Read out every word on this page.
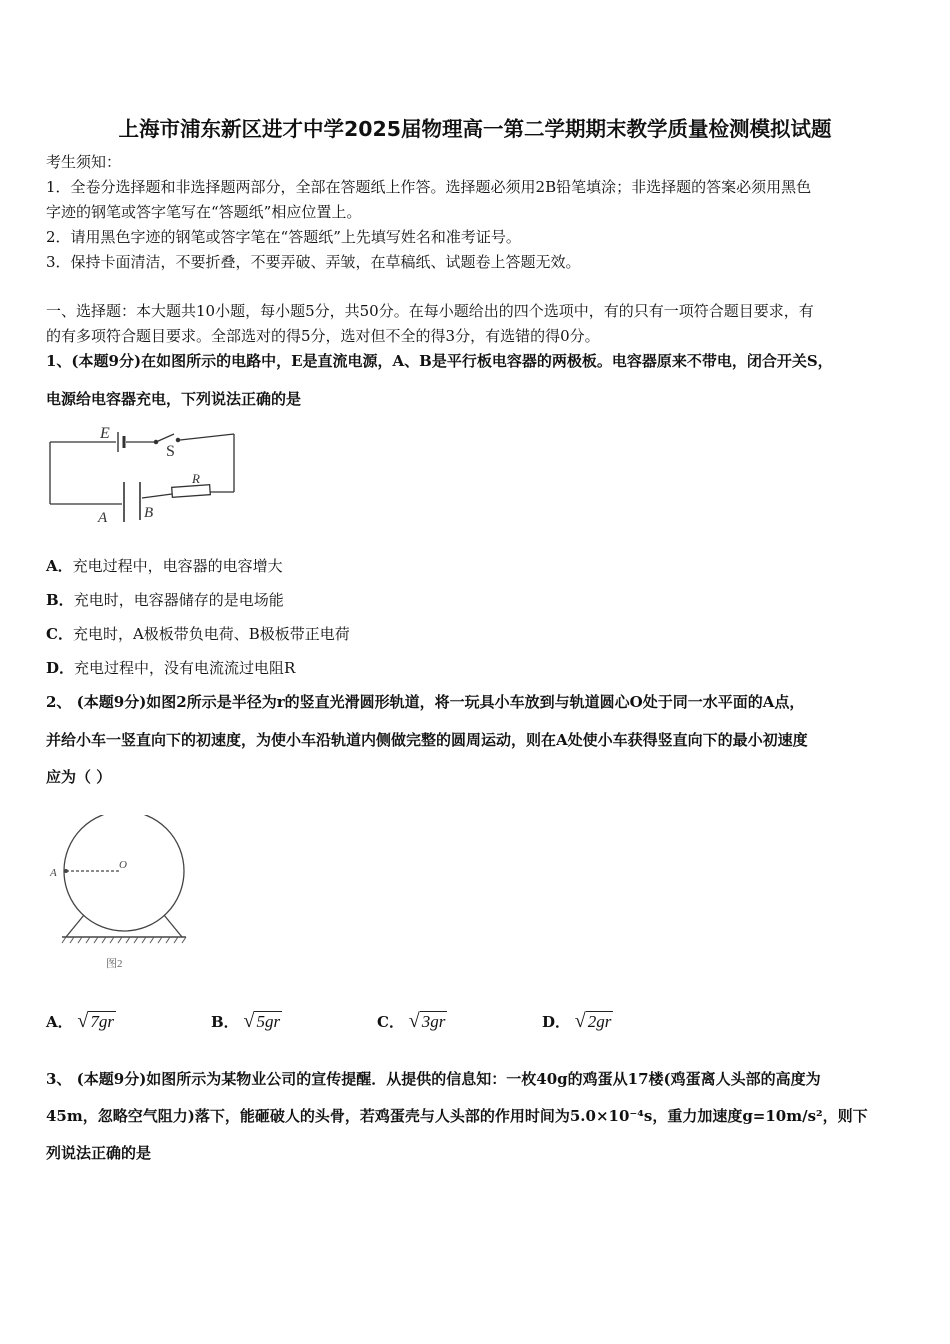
上海市浦东新区进才中学2025届物理高一第二学期期末教学质量检测模拟试题
考生须知：
1．全卷分选择题和非选择题两部分，全部在答题纸上作答。选择题必须用2B铅笔填涂；非选择题的答案必须用黑色
字迹的钢笔或答字笔写在“答题纸”相应位置上。
2．请用黑色字迹的钢笔或答字笔在“答题纸”上先填写姓名和准考证号。
3．保持卡面清洁，不要折叠，不要弄破、弄皱，在草稿纸、试题卷上答题无效。
一、选择题：本大题共10小题，每小题5分，共50分。在每小题给出的四个选项中，有的只有一项符合题目要求，有
的有多项符合题目要求。全部选对的得5分，选对但不全的得3分，有选错的得0分。
1、(本题9分)在如图所示的电路中，E是直流电源，A、B是平行板电容器的两极板。电容器原来不带电，闭合开关S，
电源给电容器充电，下列说法正确的是
E
S
R
A B
A．充电过程中，电容器的电容增大
B．充电时，电容器储存的是电场能
C．充电时，A极板带负电荷、B极板带正电荷
D．充电过程中，没有电流流过电阻R
2、 (本题9分)如图2所示是半径为r的竖直光滑圆形轨道，将一玩具小车放到与轨道圆心O处于同一水平面的A点，
并给小车一竖直向下的初速度，为使小车沿轨道内侧做完整的圆周运动，则在A处使小车获得竖直向下的最小初速度
应为（ ）
A
O
图2
A． √ 7gr	B． √ 5gr	C． √ 3gr	D． √ 2gr
3、 (本题9分)如图所示为某物业公司的宣传提醒．从提供的信息知：一枚40g的鸡蛋从17楼(鸡蛋离人头部的高度为
45m，忽略空气阻力)落下，能砸破人的头骨，若鸡蛋壳与人头部的作用时间为5.0×10⁻⁴s，重力加速度g=10m/s²，则下
列说法正确的是
